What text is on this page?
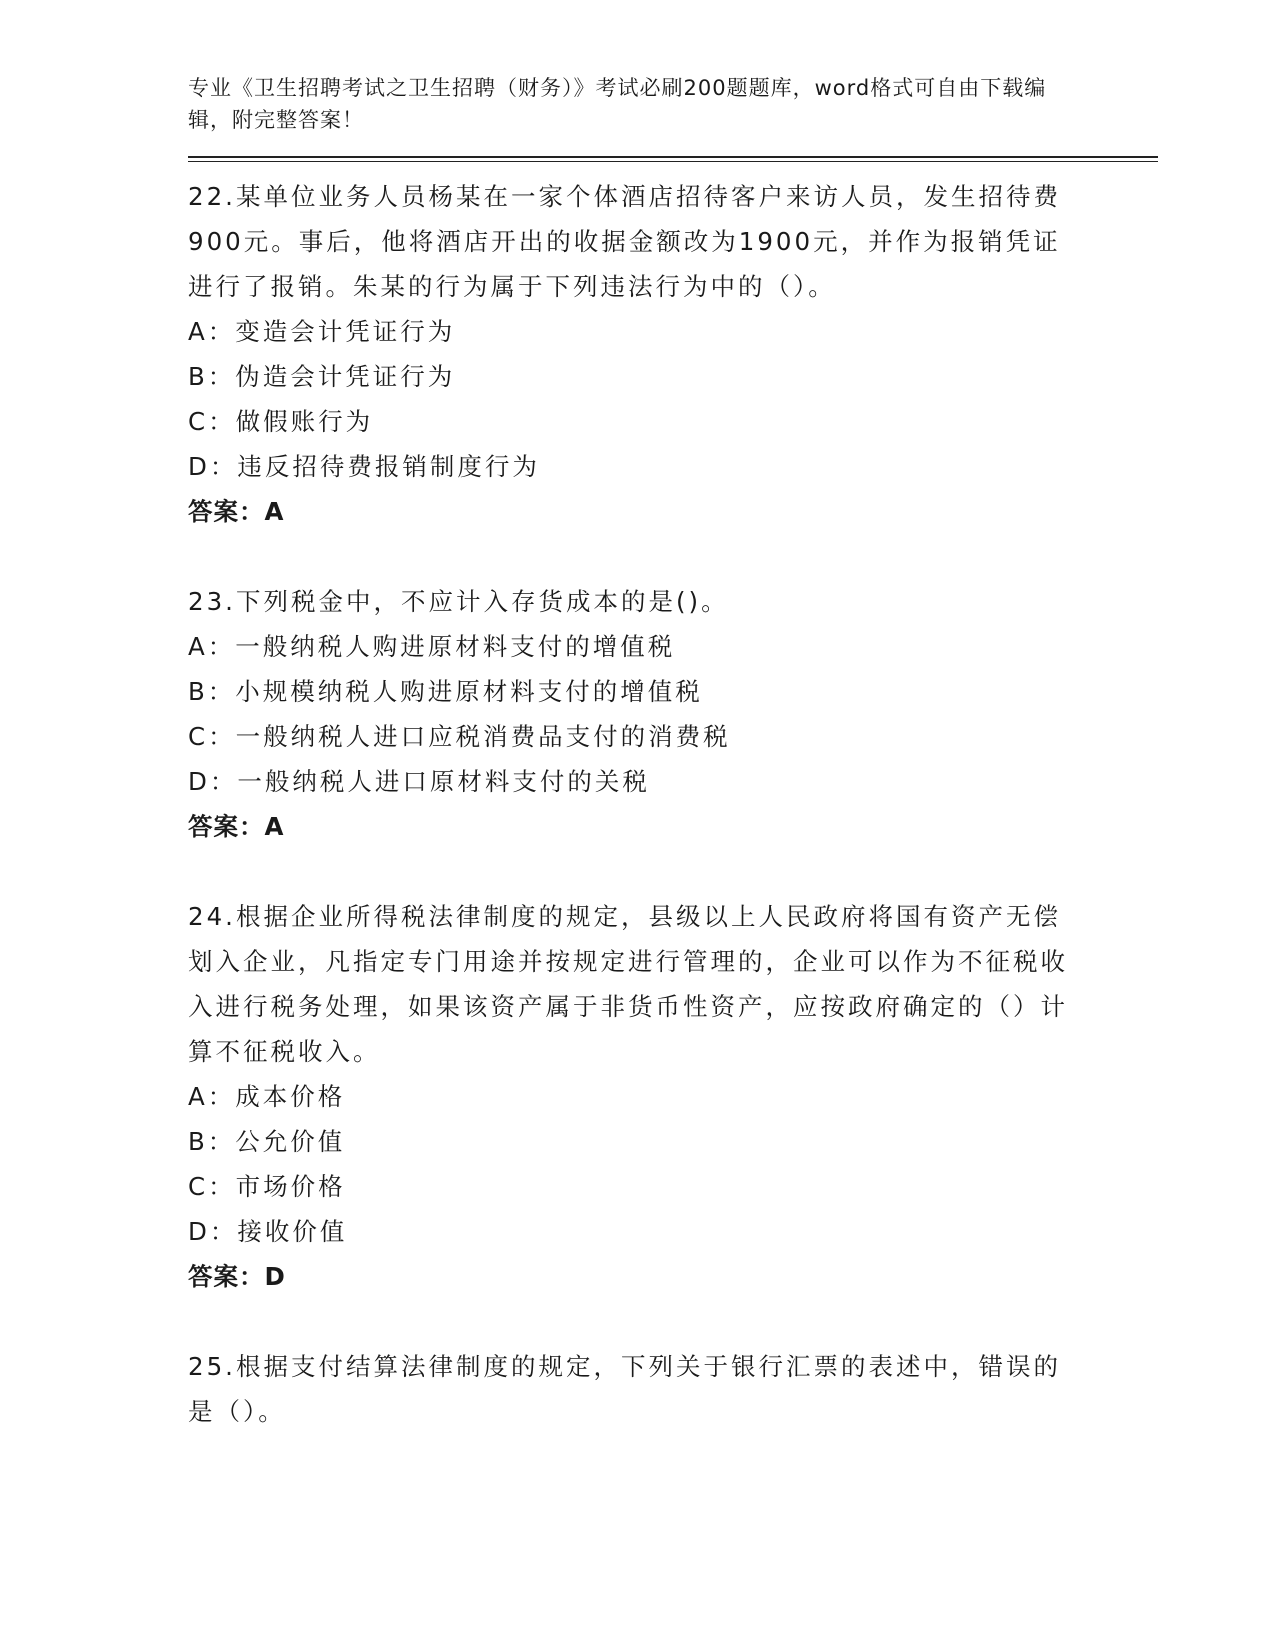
专业《卫生招聘考试之卫生招聘（财务）》考试必刷200题题库，word格式可自由下载编辑，附完整答案！

22.某单位业务人员杨某在一家个体酒店招待客户来访人员，发生招待费900元。事后，他将酒店开出的收据金额改为1900元，并作为报销凭证进行了报销。朱某的行为属于下列违法行为中的（）。

A：变造会计凭证行为

B：伪造会计凭证行为

C：做假账行为

D：违反招待费报销制度行为

答案：A

23.下列税金中，不应计入存货成本的是()。

A：一般纳税人购进原材料支付的增值税

B：小规模纳税人购进原材料支付的增值税

C：一般纳税人进口应税消费品支付的消费税

D：一般纳税人进口原材料支付的关税

答案：A

24.根据企业所得税法律制度的规定，县级以上人民政府将国有资产无偿划入企业，凡指定专门用途并按规定进行管理的，企业可以作为不征税收入进行税务处理，如果该资产属于非货币性资产，应按政府确定的（）计算不征税收入。

A：成本价格

B：公允价值

C：市场价格

D：接收价值

答案：D

25.根据支付结算法律制度的规定，下列关于银行汇票的表述中，错误的是（）。
